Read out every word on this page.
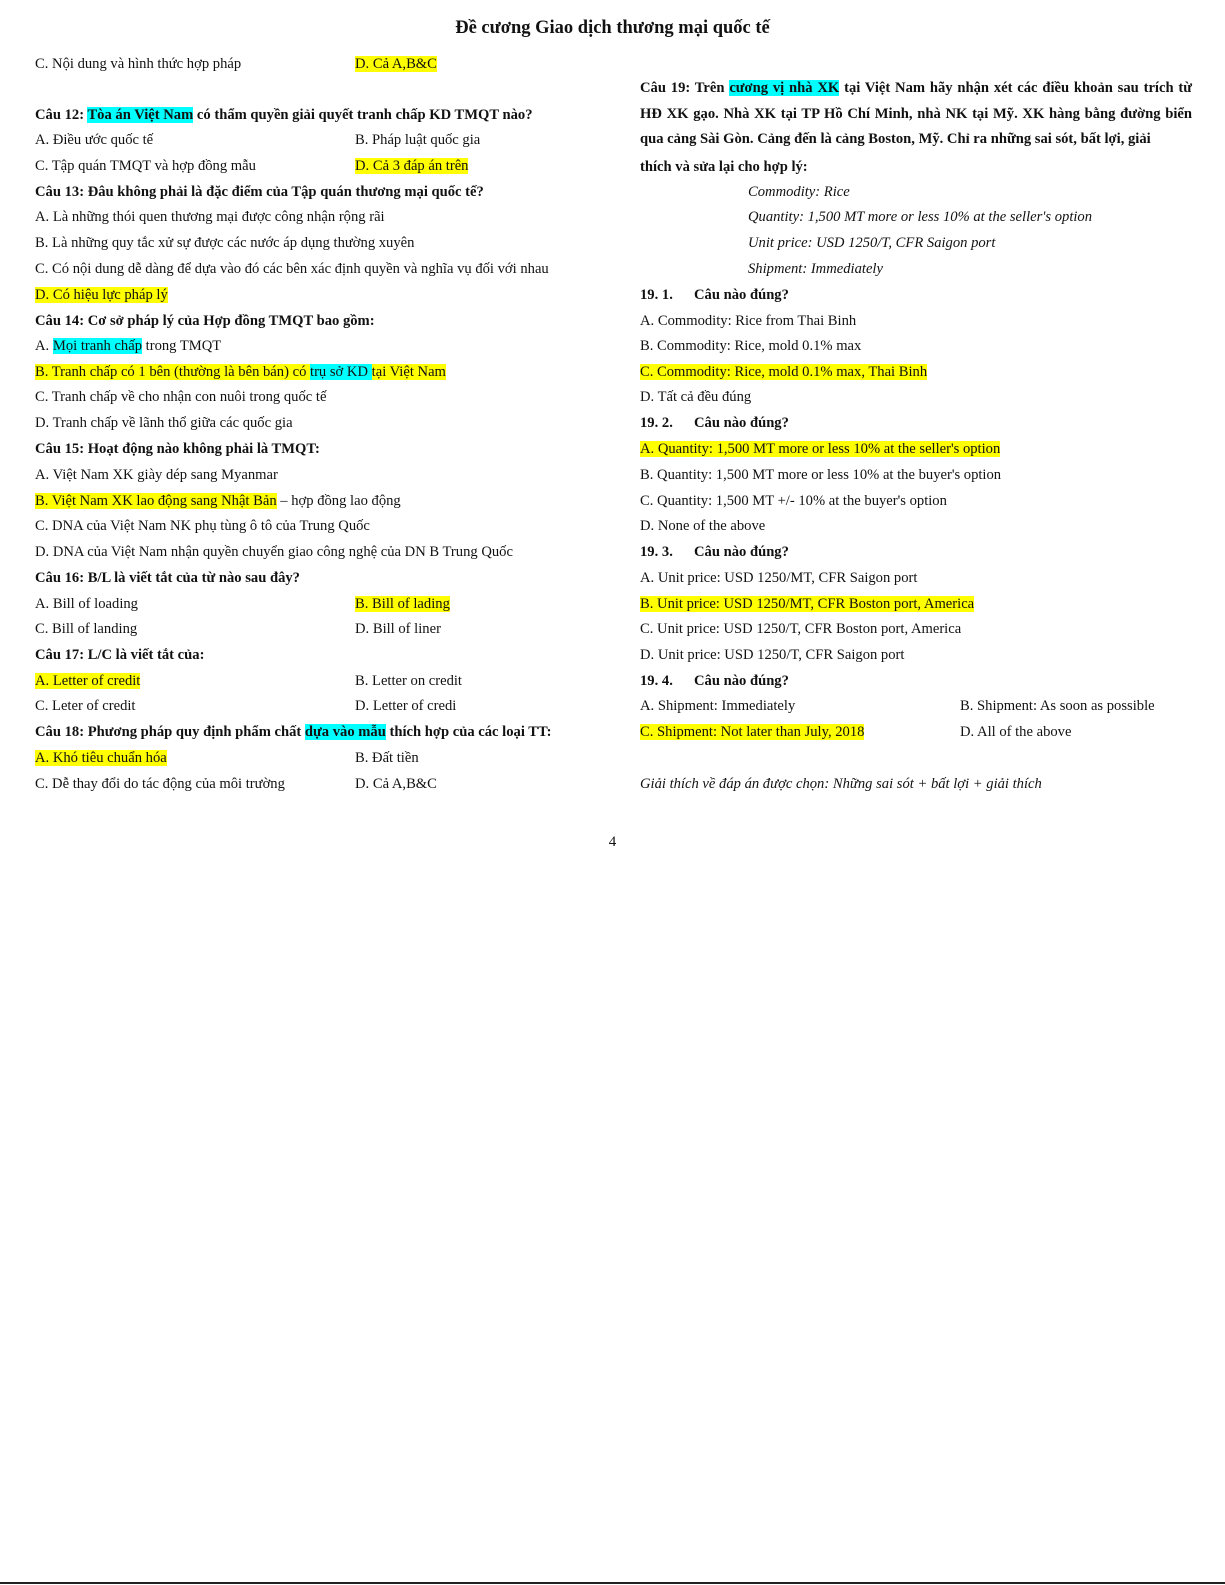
Đề cương Giao dịch thương mại quốc tế
C. Nội dung và hình thức hợp pháp	D. Cả A,B&C
Câu 12: Tòa án Việt Nam có thẩm quyền giải quyết tranh chấp KD TMQT nào?
A. Điều ước quốc tế	B. Pháp luật quốc gia
C. Tập quán TMQT và hợp đồng mẫu	D. Cả 3 đáp án trên
Câu 13: Đâu không phải là đặc điểm của Tập quán thương mại quốc tế?
A. Là những thói quen thương mại được công nhận rộng rãi
B. Là những quy tắc xử sự được các nước áp dụng thường xuyên
C. Có nội dung dễ dàng để dựa vào đó các bên xác định quyền và nghĩa vụ đối với nhau
D. Có hiệu lực pháp lý
Câu 14: Cơ sở pháp lý của Hợp đồng TMQT bao gồm:
A. Mọi tranh chấp trong TMQT
B. Tranh chấp có 1 bên (thường là bên bán) có trụ sở KD tại Việt Nam
C. Tranh chấp về cho nhận con nuôi trong quốc tế
D. Tranh chấp về lãnh thổ giữa các quốc gia
Câu 15: Hoạt động nào không phải là TMQT:
A. Việt Nam XK giày dép sang Myanmar
B. Việt Nam XK lao động sang Nhật Bản – hợp đồng lao động
C. DNA của Việt Nam NK phụ tùng ô tô của Trung Quốc
D. DNA của Việt Nam nhận quyền chuyển giao công nghệ của DN B Trung Quốc
Câu 16: B/L là viết tắt của từ nào sau đây?
A. Bill of loading	B. Bill of lading
C. Bill of landing	D. Bill of liner
Câu 17: L/C là viết tắt của:
A. Letter of credit	B. Letter on credit
C. Leter of credit	D. Letter of credi
Câu 18: Phương pháp quy định phẩm chất dựa vào mẫu thích hợp của các loại TT:
A. Khó tiêu chuẩn hóa	B. Đất tiền
C. Dễ thay đổi do tác động của môi trường	D. Cả A,B&C
Câu 19: Trên cương vị nhà XK tại Việt Nam hãy nhận xét các điều khoản sau trích từ HĐ XK gạo. Nhà XK tại TP Hồ Chí Minh, nhà NK tại Mỹ. XK hàng bằng đường biển qua cảng Sài Gòn. Cảng đến là cảng Boston, Mỹ. Chỉ ra những sai sót, bất lợi, giải
thích và sửa lại cho hợp lý:
Commodity: Rice
Quantity: 1,500 MT more or less 10% at the seller's option
Unit price: USD 1250/T, CFR Saigon port
Shipment: Immediately
19. 1. Câu nào đúng?
A. Commodity: Rice from Thai Binh
B. Commodity: Rice, mold 0.1% max
C. Commodity: Rice, mold 0.1% max, Thai Binh
D. Tất cả đều đúng
19. 2. Câu nào đúng?
A. Quantity: 1,500 MT more or less 10% at the seller's option
B. Quantity: 1,500 MT more or less 10% at the buyer's option
C. Quantity: 1,500 MT +/- 10% at the buyer's option
D. None of the above
19. 3. Câu nào đúng?
A. Unit price: USD 1250/MT, CFR Saigon port
B. Unit price: USD 1250/MT, CFR Boston port, America
C. Unit price: USD 1250/T, CFR Boston port, America
D. Unit price: USD 1250/T, CFR Saigon port
19. 4. Câu nào đúng?
A. Shipment: Immediately	B. Shipment: As soon as possible
C. Shipment: Not later than July, 2018	D. All of the above
Giải thích về đáp án được chọn: Những sai sót + bất lợi + giải thích
4
